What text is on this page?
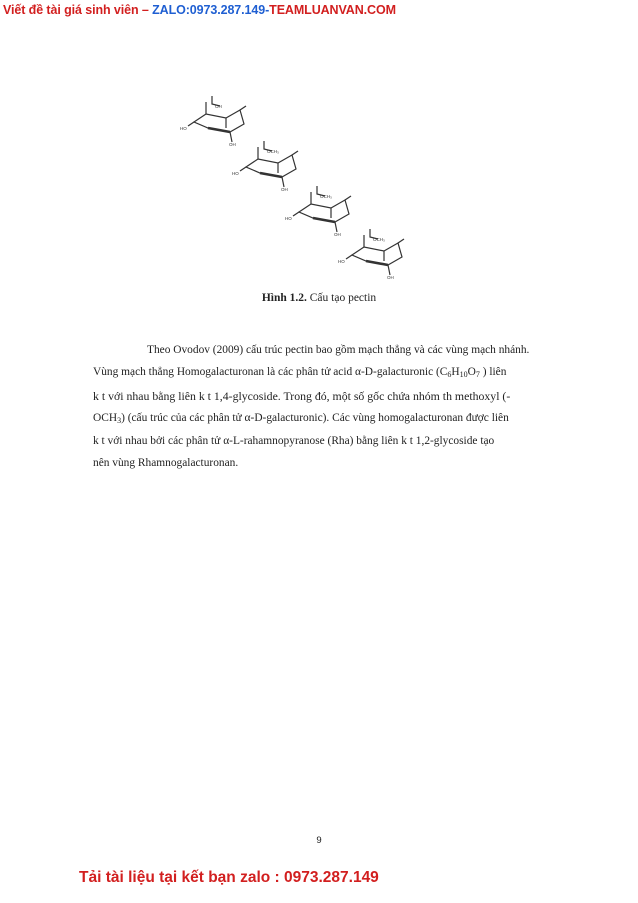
Viết đề tài giá sinh viên – ZALO:0973.287.149-TEAMLUANVAN.COM
OH
HO
OH
OCH₃
HO
OH
OCH₃
HO
OH
OCH₃
HO
OH
Hình 1.2. Cấu tạo pectin
Theo Ovodov (2009) cấu trúc pectin bao gồm mạch thẳng và các vùng mạch nhánh.
Vùng mạch thẳng Homogalacturonan là các phân tử acid α-D-galacturonic ($C_6H_{10}O_7$ ) liên
k t với nhau bằng liên k t 1,4-glycoside. Trong đó, một số gốc chứa nhóm th methoxyl (-
$OCH_3$) (cấu trúc của các phân tử α-D-galacturonic). Các vùng homogalacturonan được liên
k t với nhau bởi các phân tử α-L-rahamnopyranose (Rha) bằng liên k t 1,2-glycoside tạo
nên vùng Rhamnogalacturonan.
9
Tải tài liệu tại kết bạn zalo : 0973.287.149
